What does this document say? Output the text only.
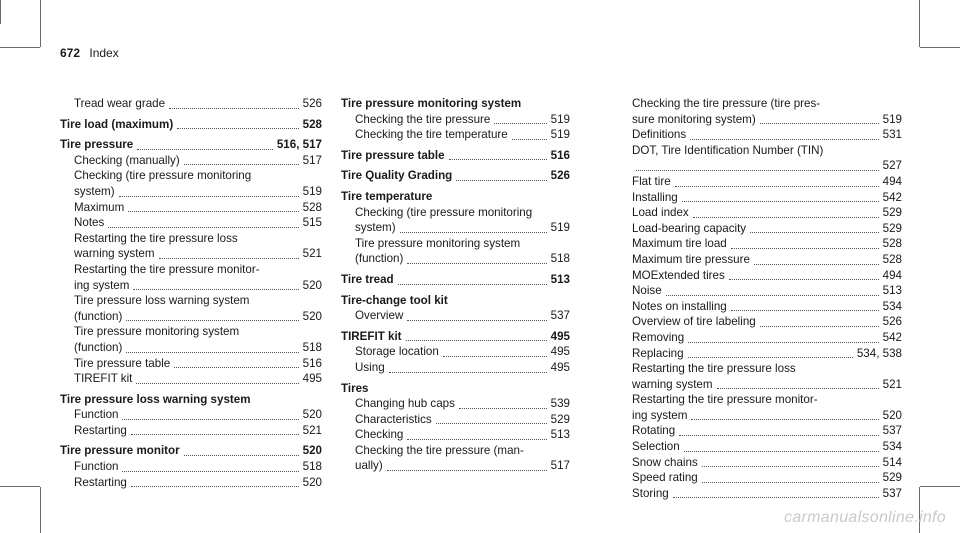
672 Index
Tread wear grade	526
Tire load (maximum)	528
Tire pressure	516, 517
Checking (manually)	517
Checking (tire pressure monitoring
system)	519
Maximum	528
Notes	515
Restarting the tire pressure loss
warning system	521
Restarting the tire pressure monitor-
ing system	520
Tire pressure loss warning system
(function)	520
Tire pressure monitoring system
(function)	518
Tire pressure table	516
TIREFIT kit	495
Tire pressure loss warning system
Function	520
Restarting	521
Tire pressure monitor	520
Function	518
Restarting	520
Tire pressure monitoring system
Checking the tire pressure	519
Checking the tire temperature	519
Tire pressure table	516
Tire Quality Grading	526
Tire temperature
Checking (tire pressure monitoring
system)	519
Tire pressure monitoring system
(function)	518
Tire tread	513
Tire-change tool kit
Overview	537
TIREFIT kit	495
Storage location	495
Using	495
Tires
Changing hub caps	539
Characteristics	529
Checking	513
Checking the tire pressure (man-
ually)	517
Checking the tire pressure (tire pres-
sure monitoring system)	519
Definitions	531
DOT, Tire Identification Number (TIN)
527
Flat tire	494
Installing	542
Load index	529
Load-bearing capacity	529
Maximum tire load	528
Maximum tire pressure	528
MOExtended tires	494
Noise	513
Notes on installing	534
Overview of tire labeling	526
Removing	542
Replacing	534, 538
Restarting the tire pressure loss
warning system	521
Restarting the tire pressure monitor-
ing system	520
Rotating	537
Selection	534
Snow chains	514
Speed rating	529
Storing	537
carmanualsonline.info
